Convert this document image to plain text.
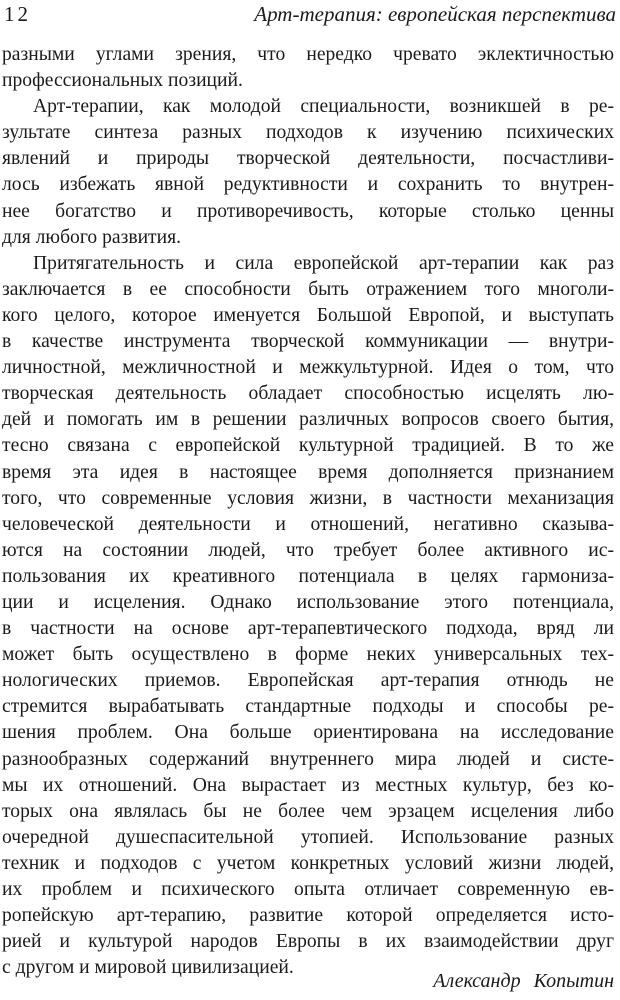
12	Арт-терапия: европейская перспектива
разными углами зрения, что нередко чревато эклектичностью
профессиональных позиций.
Арт-терапии, как молодой специальности, возникшей в ре-
зультате синтеза разных подходов к изучению психических
явлений и природы творческой деятельности, посчастливи-
лось избежать явной редуктивности и сохранить то внутрен-
нее богатство и противоречивость, которые столько ценны
для любого развития.
Притягательность и сила европейской арт-терапии как раз
заключается в ее способности быть отражением того многоли-
кого целого, которое именуется Большой Европой, и выступать
в качестве инструмента творческой коммуникации — внутри-
личностной, межличностной и межкультурной. Идея о том, что
творческая деятельность обладает способностью исцелять лю-
дей и помогать им в решении различных вопросов своего бытия,
тесно связана с европейской культурной традицией. В то же
время эта идея в настоящее время дополняется признанием
того, что современные условия жизни, в частности механизация
человеческой деятельности и отношений, негативно сказыва-
ются на состоянии людей, что требует более активного ис-
пользования их креативного потенциала в целях гармониза-
ции и исцеления. Однако использование этого потенциала,
в частности на основе арт-терапевтического подхода, вряд ли
может быть осуществлено в форме неких универсальных тех-
нологических приемов. Европейская арт-терапия отнюдь не
стремится вырабатывать стандартные подходы и способы ре-
шения проблем. Она больше ориентирована на исследование
разнообразных содержаний внутреннего мира людей и систе-
мы их отношений. Она вырастает из местных культур, без ко-
торых она являлась бы не более чем эрзацем исцеления либо
очередной душеспасительной утопией. Использование разных
техник и подходов с учетом конкретных условий жизни людей,
их проблем и психического опыта отличает современную ев-
ропейскую арт-терапию, развитие которой определяется исто-
рией и культурой народов Европы в их взаимодействии друг
с другом и мировой цивилизацией.
Александр Копытин
